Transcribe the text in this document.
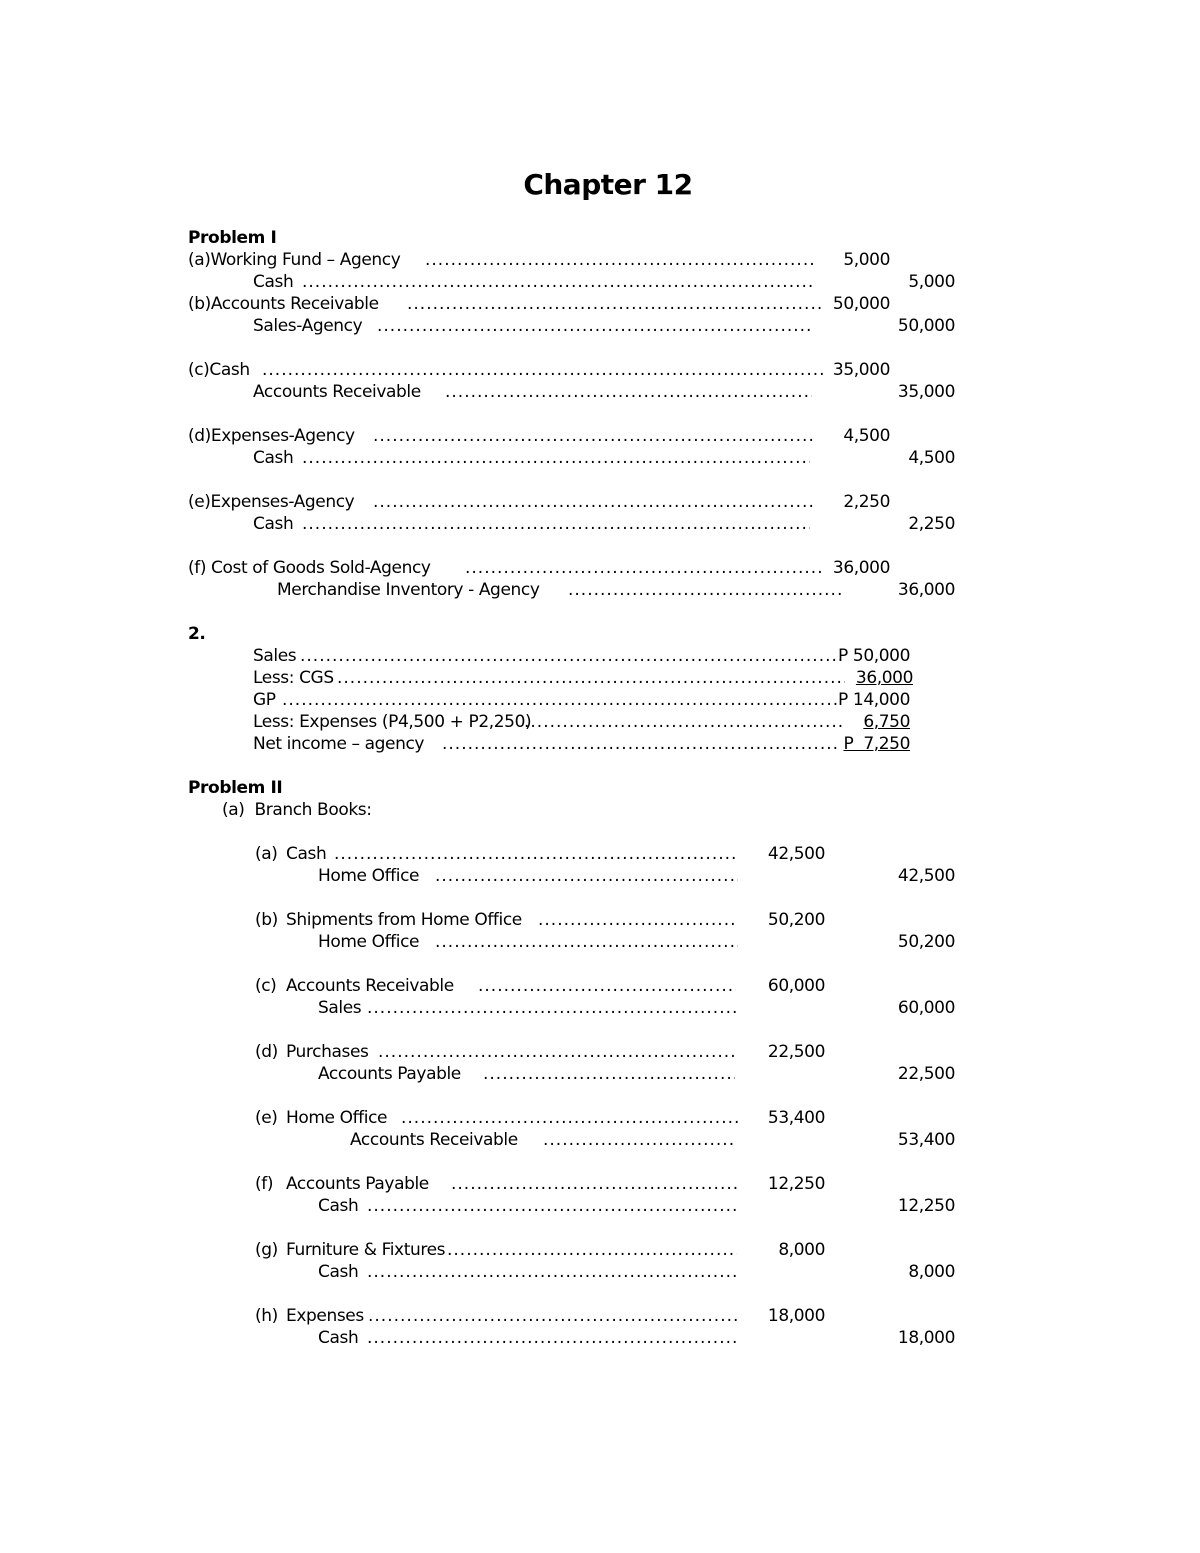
Chapter 12
Problem I
(a)Working Fund – Agency .....	5,000
Cash .....	5,000
(b)Accounts Receivable .....	50,000
Sales-Agency .....	50,000
(c)Cash .....	35,000
Accounts Receivable .....	35,000
(d)Expenses-Agency .....	4,500
Cash .....	4,500
(e)Expenses-Agency .....	2,250
Cash .....	2,250
(f) Cost of Goods Sold-Agency .....	36,000
Merchandise Inventory - Agency .....	36,000
2.
Sales .....	P 50,000
Less: CGS .....	36,000
GP .....	P 14,000
Less: Expenses (P4,500 + P2,250) .....	6,750
Net income – agency .....	P  7,250
Problem II
(a)  Branch Books:
(a) Cash .....	42,500
Home Office .....	42,500
(b) Shipments from Home Office .....	50,200
Home Office .....	50,200
(c) Accounts Receivable .....	60,000
Sales .....	60,000
(d) Purchases .....	22,500
Accounts Payable .....	22,500
(e) Home Office .....	53,400
Accounts Receivable .....	53,400
(f) Accounts Payable .....	12,250
Cash .....	12,250
(g) Furniture & Fixtures .....	8,000
Cash .....	8,000
(h) Expenses .....	18,000
Cash .....	18,000
